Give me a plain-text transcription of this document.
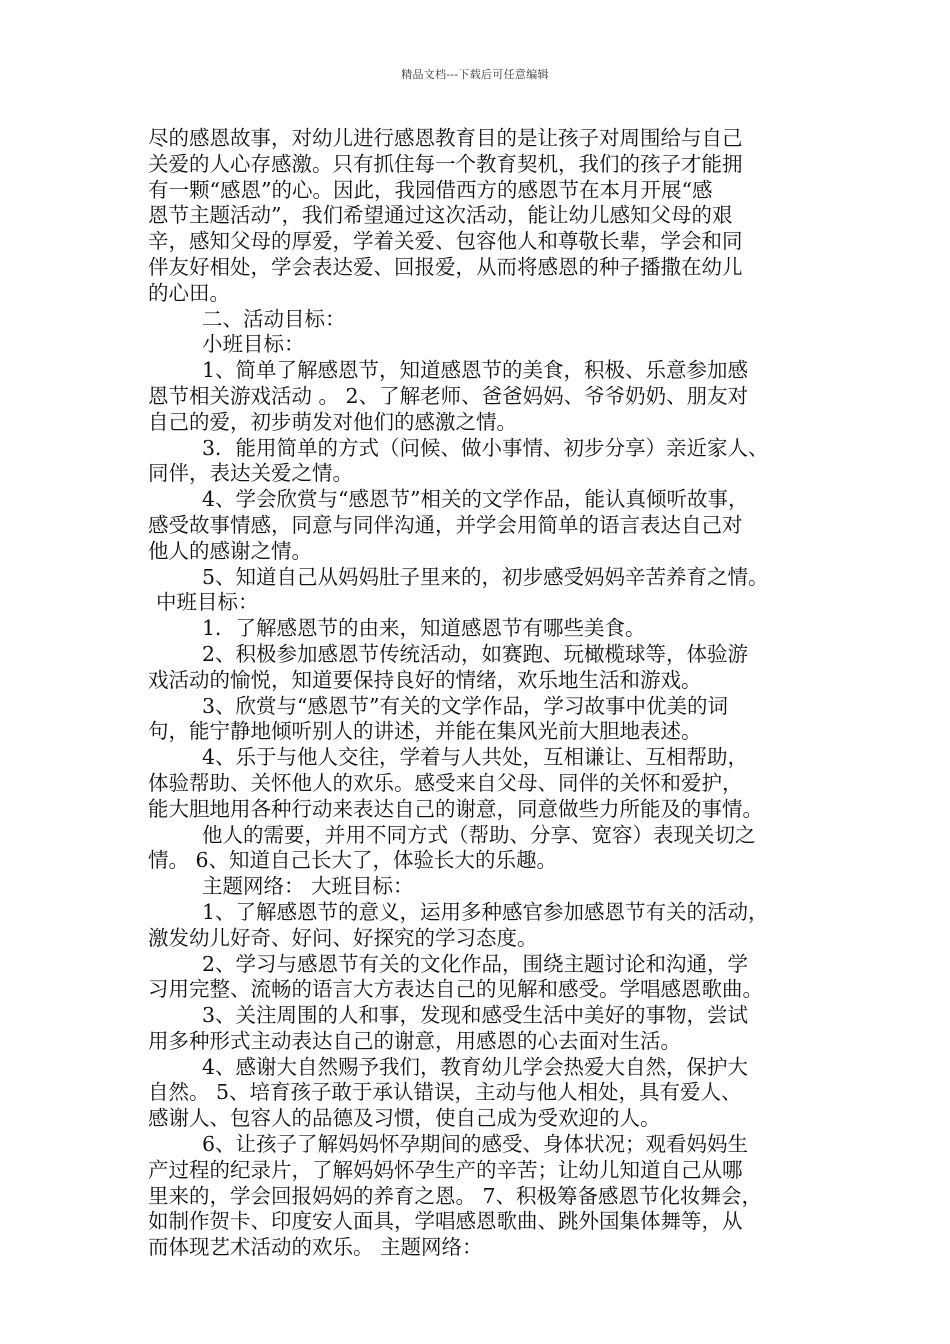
精品文档---下载后可任意编辑
尽的感恩故事，对幼儿进行感恩教育目的是让孩子对周围给与自己
关爱的人心存感激。只有抓住每一个教育契机，我们的孩子才能拥
有一颗“感恩”的心。因此，我园借西方的感恩节在本月开展“感
恩节主题活动”，我们希望通过这次活动，能让幼儿感知父母的艰
辛，感知父母的厚爱，学着关爱、包容他人和尊敬长辈，学会和同
伴友好相处，学会表达爱、回报爱，从而将感恩的种子播撒在幼儿
的心田。
二、活动目标：
小班目标：
1、简单了解感恩节，知道感恩节的美食，积极、乐意参加感
恩节相关游戏活动 。 2、了解老师、爸爸妈妈、爷爷奶奶、朋友对
自己的爱，初步萌发对他们的感激之情。
3．能用简单的方式（问候、做小事情、初步分享）亲近家人、
同伴，表达关爱之情。
4、学会欣赏与“感恩节”相关的文学作品，能认真倾听故事，
感受故事情感，同意与同伴沟通，并学会用简单的语言表达自己对
他人的感谢之情。
5、知道自己从妈妈肚子里来的，初步感受妈妈辛苦养育之情。
中班目标：
1．了解感恩节的由来，知道感恩节有哪些美食。
2、积极参加感恩节传统活动，如赛跑、玩橄榄球等，体验游
戏活动的愉悦，知道要保持良好的情绪，欢乐地生活和游戏。
3、欣赏与“感恩节”有关的文学作品，学习故事中优美的词
句，能宁静地倾听别人的讲述，并能在集风光前大胆地表述。
4、乐于与他人交往，学着与人共处，互相谦让、互相帮助，
体验帮助、关怀他人的欢乐。感受来自父母、同伴的关怀和爱护，
能大胆地用各种行动来表达自己的谢意，同意做些力所能及的事情。
他人的需要，并用不同方式（帮助、分享、宽容）表现关切之
情。 6、知道自己长大了，体验长大的乐趣。
主题网络： 大班目标：
1、了解感恩节的意义，运用多种感官参加感恩节有关的活动，
激发幼儿好奇、好问、好探究的学习态度。
2、学习与感恩节有关的文化作品，围绕主题讨论和沟通，学
习用完整、流畅的语言大方表达自己的见解和感受。学唱感恩歌曲。
3、关注周围的人和事，发现和感受生活中美好的事物，尝试
用多种形式主动表达自己的谢意，用感恩的心去面对生活。
4、感谢大自然赐予我们，教育幼儿学会热爱大自然，保护大
自然。 5、培育孩子敢于承认错误，主动与他人相处，具有爱人、
感谢人、包容人的品德及习惯，使自己成为受欢迎的人。
6、让孩子了解妈妈怀孕期间的感受、身体状况；观看妈妈生
产过程的纪录片，了解妈妈怀孕生产的辛苦；让幼儿知道自己从哪
里来的，学会回报妈妈的养育之恩。 7、积极筹备感恩节化妆舞会，
如制作贺卡、印度安人面具，学唱感恩歌曲、跳外国集体舞等，从
而体现艺术活动的欢乐。 主题网络：
